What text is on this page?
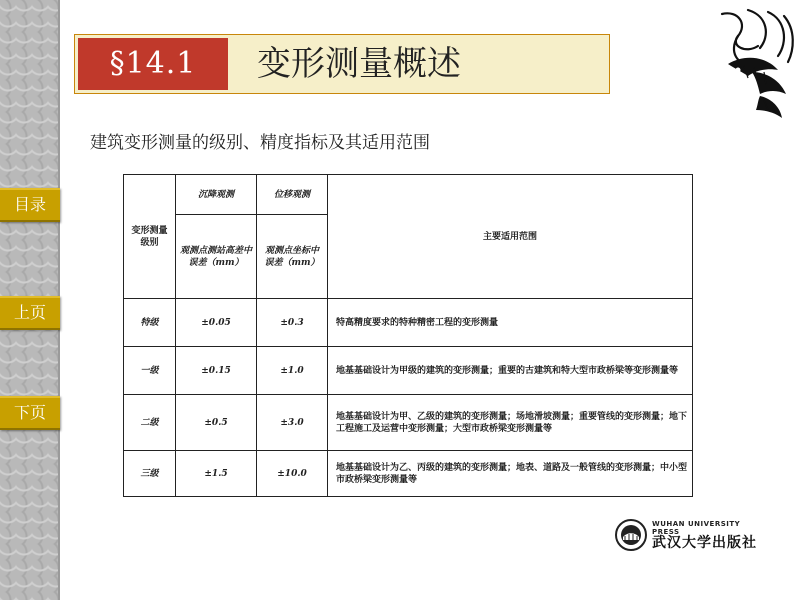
目录
上页
下页
§14.1	变形测量概述
建筑变形测量的级别、精度指标及其适用范围
变形测量级别	沉降观测	位移观测	主要适用范围
	观测点测站高差中误差（mm）	观测点坐标中误差（mm）	
特级	±0.05	±0.3	特高精度要求的特种精密工程的变形测量
一级	±0.15	±1.0	地基基础设计为甲级的建筑的变形测量；重要的古建筑和特大型市政桥梁等变形测量等
二级	±0.5	±3.0	地基基础设计为甲、乙级的建筑的变形测量；场地滑坡测量；重要管线的变形测量；地下工程施工及运营中变形测量；大型市政桥梁变形测量等
三级	±1.5	±10.0	地基基础设计为乙、丙级的建筑的变形测量；地表、道路及一般管线的变形测量；中小型市政桥梁变形测量等
WUHAN UNIVERSITY PRESS
武汉大学出版社
